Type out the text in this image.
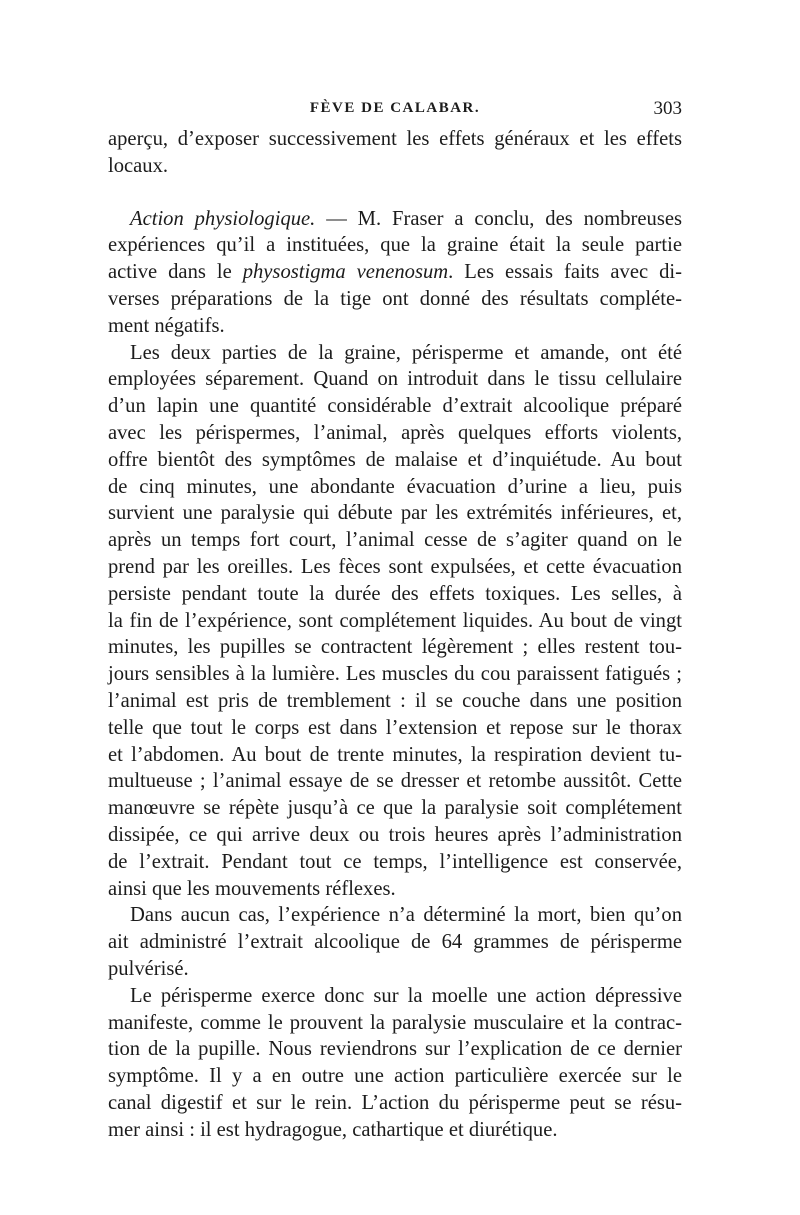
FÈVE DE CALABAR.	303

aperçu, d’exposer successivement les effets généraux et les effets
locaux.

Action physiologique. — M. Fraser a conclu, des nombreuses
expériences qu’il a instituées, que la graine était la seule partie
active dans le physostigma venenosum. Les essais faits avec di-
verses préparations de la tige ont donné des résultats compléte-
ment négatifs.

Les deux parties de la graine, périsperme et amande, ont été
employées séparement. Quand on introduit dans le tissu cellulaire
d’un lapin une quantité considérable d’extrait alcoolique préparé
avec les périspermes, l’animal, après quelques efforts violents,
offre bientôt des symptômes de malaise et d’inquiétude. Au bout
de cinq minutes, une abondante évacuation d’urine a lieu, puis
survient une paralysie qui débute par les extrémités inférieures, et,
après un temps fort court, l’animal cesse de s’agiter quand on le
prend par les oreilles. Les fèces sont expulsées, et cette évacuation
persiste pendant toute la durée des effets toxiques. Les selles, à
la fin de l’expérience, sont complétement liquides. Au bout de vingt
minutes, les pupilles se contractent légèrement ; elles restent tou-
jours sensibles à la lumière. Les muscles du cou paraissent fatigués ;
l’animal est pris de tremblement : il se couche dans une position
telle que tout le corps est dans l’extension et repose sur le thorax
et l’abdomen. Au bout de trente minutes, la respiration devient tu-
multueuse ; l’animal essaye de se dresser et retombe aussitôt. Cette
manœuvre se répète jusqu’à ce que la paralysie soit complétement
dissipée, ce qui arrive deux ou trois heures après l’administration
de l’extrait. Pendant tout ce temps, l’intelligence est conservée,
ainsi que les mouvements réflexes.

Dans aucun cas, l’expérience n’a déterminé la mort, bien qu’on
ait administré l’extrait alcoolique de 64 grammes de périsperme
pulvérisé.

Le périsperme exerce donc sur la moelle une action dépressive
manifeste, comme le prouvent la paralysie musculaire et la contrac-
tion de la pupille. Nous reviendrons sur l’explication de ce dernier
symptôme. Il y a en outre une action particulière exercée sur le
canal digestif et sur le rein. L’action du périsperme peut se résu-
mer ainsi : il est hydragogue, cathartique et diurétique.
